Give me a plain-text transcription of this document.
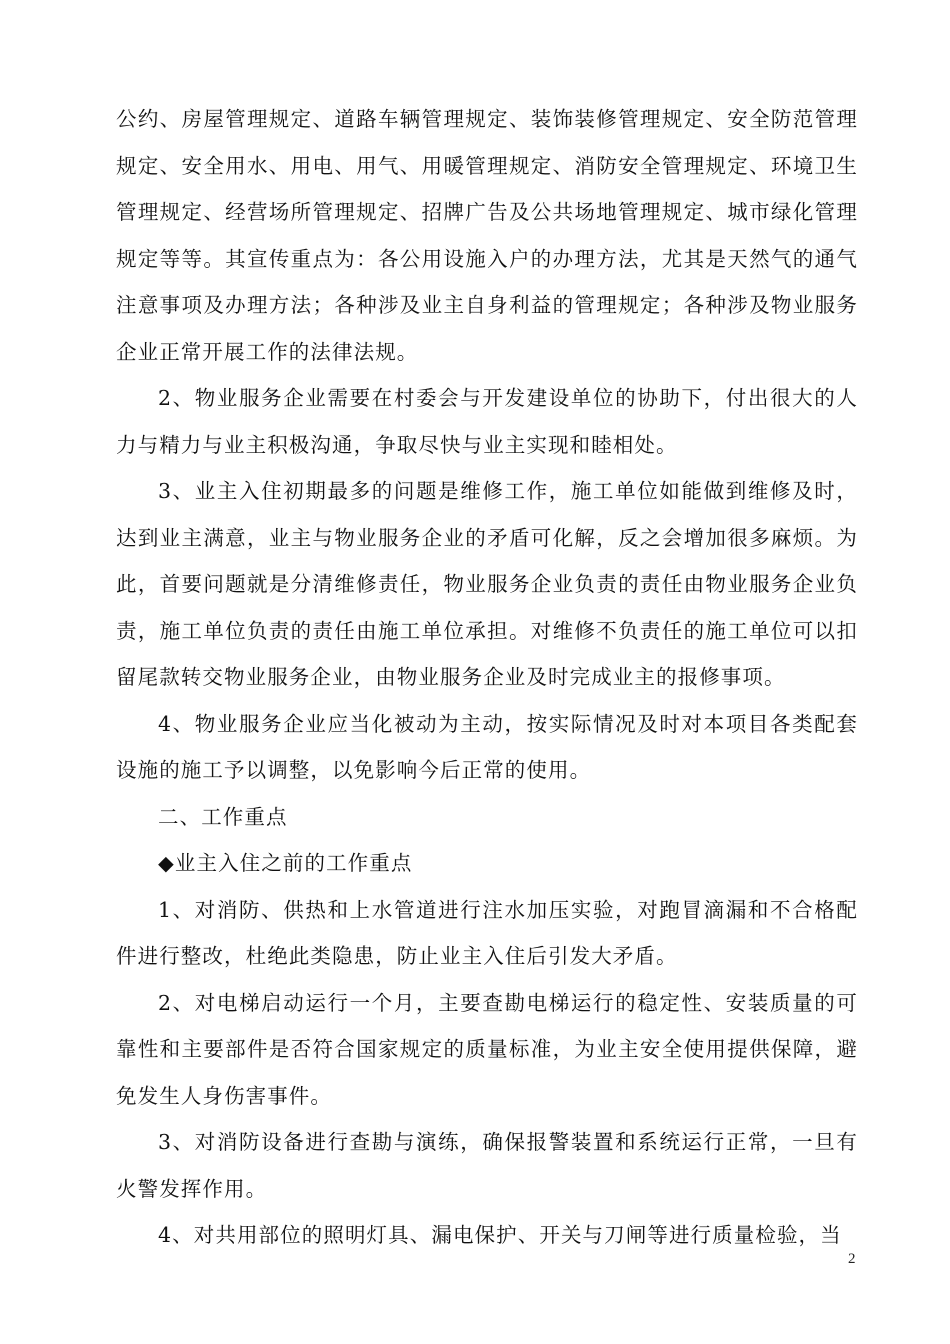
公约、房屋管理规定、道路车辆管理规定、装饰装修管理规定、安全防范管理规定、安全用水、用电、用气、用暖管理规定、消防安全管理规定、环境卫生管理规定、经营场所管理规定、招牌广告及公共场地管理规定、城市绿化管理规定等等。其宣传重点为：各公用设施入户的办理方法，尤其是天然气的通气注意事项及办理方法；各种涉及业主自身利益的管理规定；各种涉及物业服务企业正常开展工作的法律法规。

2、物业服务企业需要在村委会与开发建设单位的协助下，付出很大的人力与精力与业主积极沟通，争取尽快与业主实现和睦相处。

3、业主入住初期最多的问题是维修工作，施工单位如能做到维修及时，达到业主满意，业主与物业服务企业的矛盾可化解，反之会增加很多麻烦。为此，首要问题就是分清维修责任，物业服务企业负责的责任由物业服务企业负责，施工单位负责的责任由施工单位承担。对维修不负责任的施工单位可以扣留尾款转交物业服务企业，由物业服务企业及时完成业主的报修事项。

4、物业服务企业应当化被动为主动，按实际情况及时对本项目各类配套设施的施工予以调整，以免影响今后正常的使用。

二、工作重点

◆业主入住之前的工作重点

1、对消防、供热和上水管道进行注水加压实验，对跑冒滴漏和不合格配件进行整改，杜绝此类隐患，防止业主入住后引发大矛盾。

2、对电梯启动运行一个月，主要查勘电梯运行的稳定性、安装质量的可靠性和主要部件是否符合国家规定的质量标准，为业主安全使用提供保障，避免发生人身伤害事件。

3、对消防设备进行查勘与演练，确保报警装置和系统运行正常，一旦有火警发挥作用。

4、对共用部位的照明灯具、漏电保护、开关与刀闸等进行质量检验，当

2
